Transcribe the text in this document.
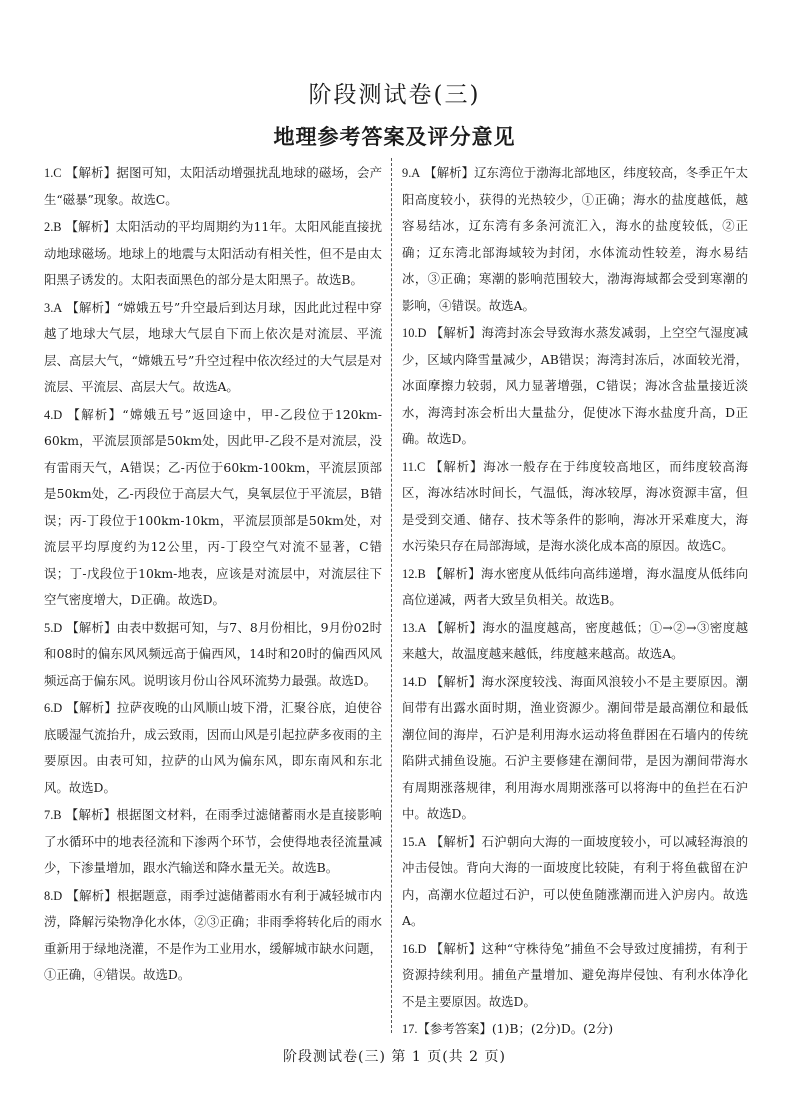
阶段测试卷(三)
地理参考答案及评分意见
1.C 【解析】据图可知，太阳活动增强扰乱地球的磁场，会产生“磁暴”现象。故选C。
2.B 【解析】太阳活动的平均周期约为11年。太阳风能直接扰动地球磁场。地球上的地震与太阳活动有相关性，但不是由太阳黑子诱发的。太阳表面黑色的部分是太阳黑子。故选B。
3.A 【解析】“嫦娥五号”升空最后到达月球，因此此过程中穿越了地球大气层，地球大气层自下而上依次是对流层、平流层、高层大气，“嫦娥五号”升空过程中依次经过的大气层是对流层、平流层、高层大气。故选A。
4.D 【解析】“嫦娥五号”返回途中，甲-乙段位于120km-60km，平流层顶部是50km处，因此甲-乙段不是对流层，没有雷雨天气，A错误；乙-丙位于60km-100km，平流层顶部是50km处，乙-丙段位于高层大气，臭氧层位于平流层，B错误；丙-丁段位于100km-10km，平流层顶部是50km处，对流层平均厚度约为12公里，丙-丁段空气对流不显著，C错误；丁-戊段位于10km-地表，应该是对流层中，对流层往下空气密度增大，D正确。故选D。
5.D 【解析】由表中数据可知，与7、8月份相比，9月份02时和08时的偏东风风频远高于偏西风，14时和20时的偏西风风频远高于偏东风。说明该月份山谷风环流势力最强。故选D。
6.D 【解析】拉萨夜晚的山风顺山坡下滑，汇聚谷底，迫使谷底暖湿气流抬升，成云致雨，因而山风是引起拉萨多夜雨的主要原因。由表可知，拉萨的山风为偏东风，即东南风和东北风。故选D。
7.B 【解析】根据图文材料，在雨季过滤储蓄雨水是直接影响了水循环中的地表径流和下渗两个环节，会使得地表径流量减少，下渗量增加，跟水汽输送和降水量无关。故选B。
8.D 【解析】根据题意，雨季过滤储蓄雨水有利于减轻城市内涝，降解污染物净化水体，②③正确；非雨季将转化后的雨水重新用于绿地浇灌，不是作为工业用水，缓解城市缺水问题，①正确，④错误。故选D。
9.A 【解析】辽东湾位于渤海北部地区，纬度较高，冬季正午太阳高度较小，获得的光热较少，①正确；海水的盐度越低，越容易结冰，辽东湾有多条河流汇入，海水的盐度较低，②正确；辽东湾北部海域较为封闭，水体流动性较差，海水易结冰，③正确；寒潮的影响范围较大，渤海海域都会受到寒潮的影响，④错误。故选A。
10.D 【解析】海湾封冻会导致海水蒸发减弱，上空空气湿度减少，区域内降雪量减少，AB错误；海湾封冻后，冰面较光滑，冰面摩擦力较弱，风力显著增强，C错误；海冰含盐量接近淡水，海湾封冻会析出大量盐分，促使冰下海水盐度升高，D正确。故选D。
11.C 【解析】海冰一般存在于纬度较高地区，而纬度较高海区，海冰结冰时间长，气温低，海冰较厚，海冰资源丰富，但是受到交通、储存、技术等条件的影响，海冰开采难度大，海水污染只存在局部海域，是海水淡化成本高的原因。故选C。
12.B 【解析】海水密度从低纬向高纬递增，海水温度从低纬向高位递减，两者大致呈负相关。故选B。
13.A 【解析】海水的温度越高，密度越低；①→②→③密度越来越大，故温度越来越低，纬度越来越高。故选A。
14.D 【解析】海水深度较浅、海面风浪较小不是主要原因。潮间带有出露水面时期，渔业资源少。潮间带是最高潮位和最低潮位间的海岸，石沪是利用海水运动将鱼群困在石墙内的传统陷阱式捕鱼设施。石沪主要修建在潮间带，是因为潮间带海水有周期涨落规律，利用海水周期涨落可以将海中的鱼拦在石沪中。故选D。
15.A 【解析】石沪朝向大海的一面坡度较小，可以减轻海浪的冲击侵蚀。背向大海的一面坡度比较陡，有利于将鱼截留在沪内，高潮水位超过石沪，可以使鱼随涨潮而进入沪房内。故选A。
16.D 【解析】这种“守株待兔”捕鱼不会导致过度捕捞，有利于资源持续利用。捕鱼产量增加、避免海岸侵蚀、有利水体净化不是主要原因。故选D。
17.【参考答案】(1)B；(2分)D。(2分)
阶段测试卷(三) 第 1 页(共 2 页)
